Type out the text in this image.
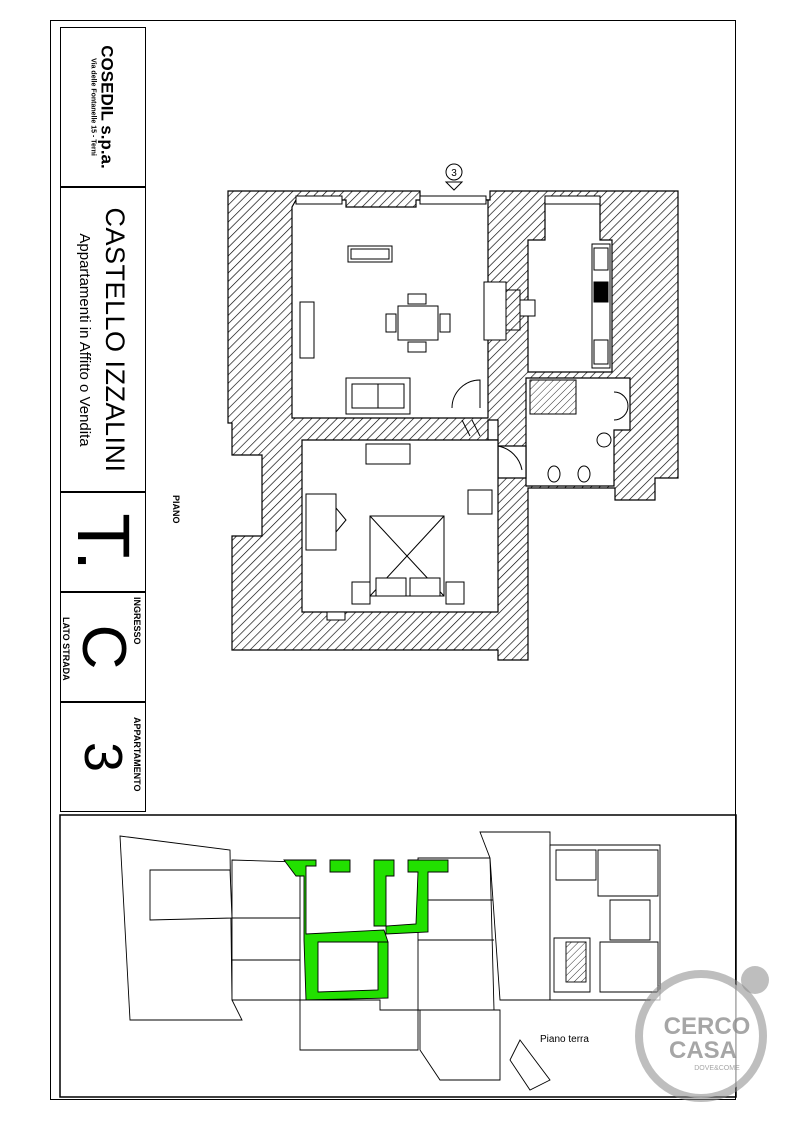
COSEDIL s.p.a.
Via delle Fontanelle 15 - Terni
CASTELLO IZZALINI
Appartamenti in Affitto o Vendita
PIANO
T.
INGRESSO
LATO STRADA
C
APPARTAMENTO
3
3
Piano terra	CERCO
CASA
DOVE&COME
